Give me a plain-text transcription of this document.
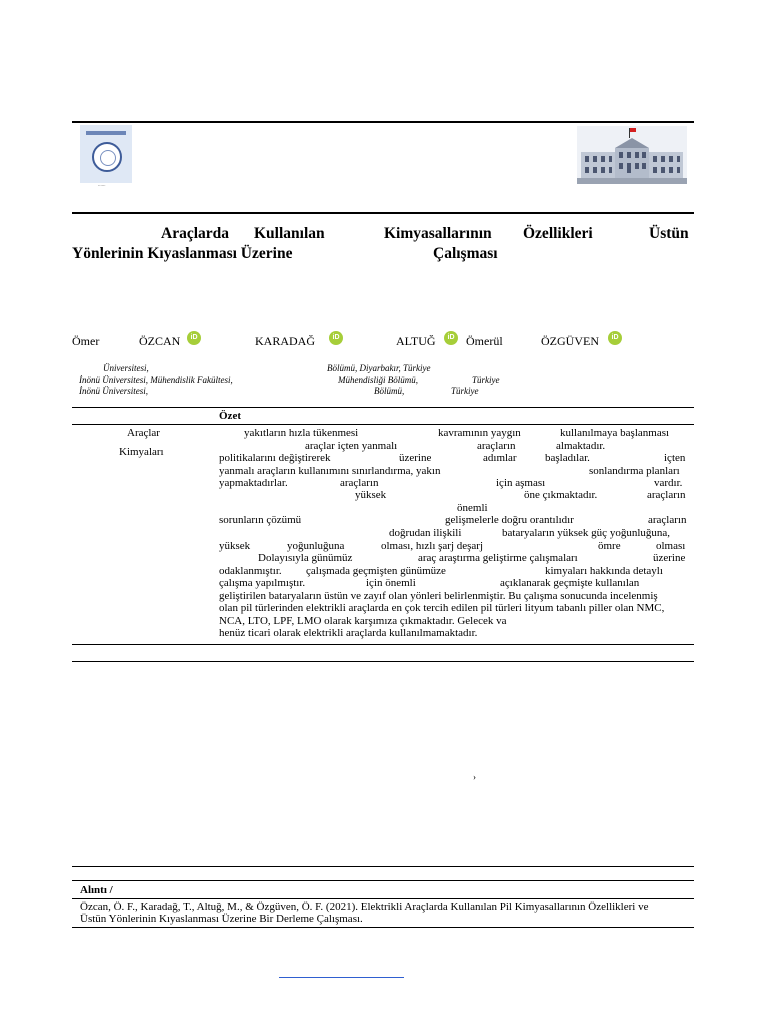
......
Araçlarda Kullanılan	Kimyasallarının Özellikleri	Üstün
Yönlerinin Kıyaslanması Üzerine	Çalışması
Ömer	ÖZCAN	iD	KARADAĞ	iD	ALTUĞ	iD Ömerül	ÖZGÜVEN	iD
Üniversitesi,	Bölümü, Diyarbakır, Türkiye
İnönü Üniversitesi, Mühendislik Fakültesi,	Mühendisliği Bölümü,	Türkiye
İnönü Üniversitesi,	Bölümü,	Türkiye
Özet
Araçlar
Kimyaları
yakıtların hızla tükenmesi	kavramının yaygın	kullanılmaya başlanması
araçlar içten yanmalı	araçların	almaktadır.
politikalarını değiştirerek	üzerine	adımlar	başladılar.	içten
yanmalı araçların kullanımını sınırlandırma, yakın	sonlandırma planları
yapmaktadırlar.	araçların	için aşması	vardır.
yüksek	öne çıkmaktadır.	araçların
önemli
sorunların çözümü	gelişmelerle doğru orantılıdır	araçların
doğrudan ilişkili	bataryaların yüksek güç yoğunluğuna,
yüksek	yoğunluğuna	olması, hızlı şarj deşarj	ömre	olması
Dolayısıyla günümüz	araç araştırma geliştirme çalışmaları	üzerine
odaklanmıştır. çalışmada geçmişten günümüze	kimyaları hakkında detaylı
çalışma yapılmıştır.	için önemli	açıklanarak geçmişte kullanılan
geliştirilen bataryaların üstün ve zayıf olan yönleri belirlenmiştir. Bu çalışma sonucunda incelenmiş
olan pil türlerinden elektrikli araçlarda en çok tercih edilen pil türleri lityum tabanlı piller olan NMC,
NCA, LTO, LPF, LMO olarak karşımıza çıkmaktadır. Gelecek va
henüz ticari olarak elektrikli araçlarda kullanılmamaktadır.
›
Alıntı /
Özcan, Ö. F., Karadağ, T., Altuğ, M., & Özgüven, Ö. F. (2021). Elektrikli Araçlarda Kullanılan Pil Kimyasallarının Özellikleri ve
Üstün Yönlerinin Kıyaslanması Üzerine Bir Derleme Çalışması.
